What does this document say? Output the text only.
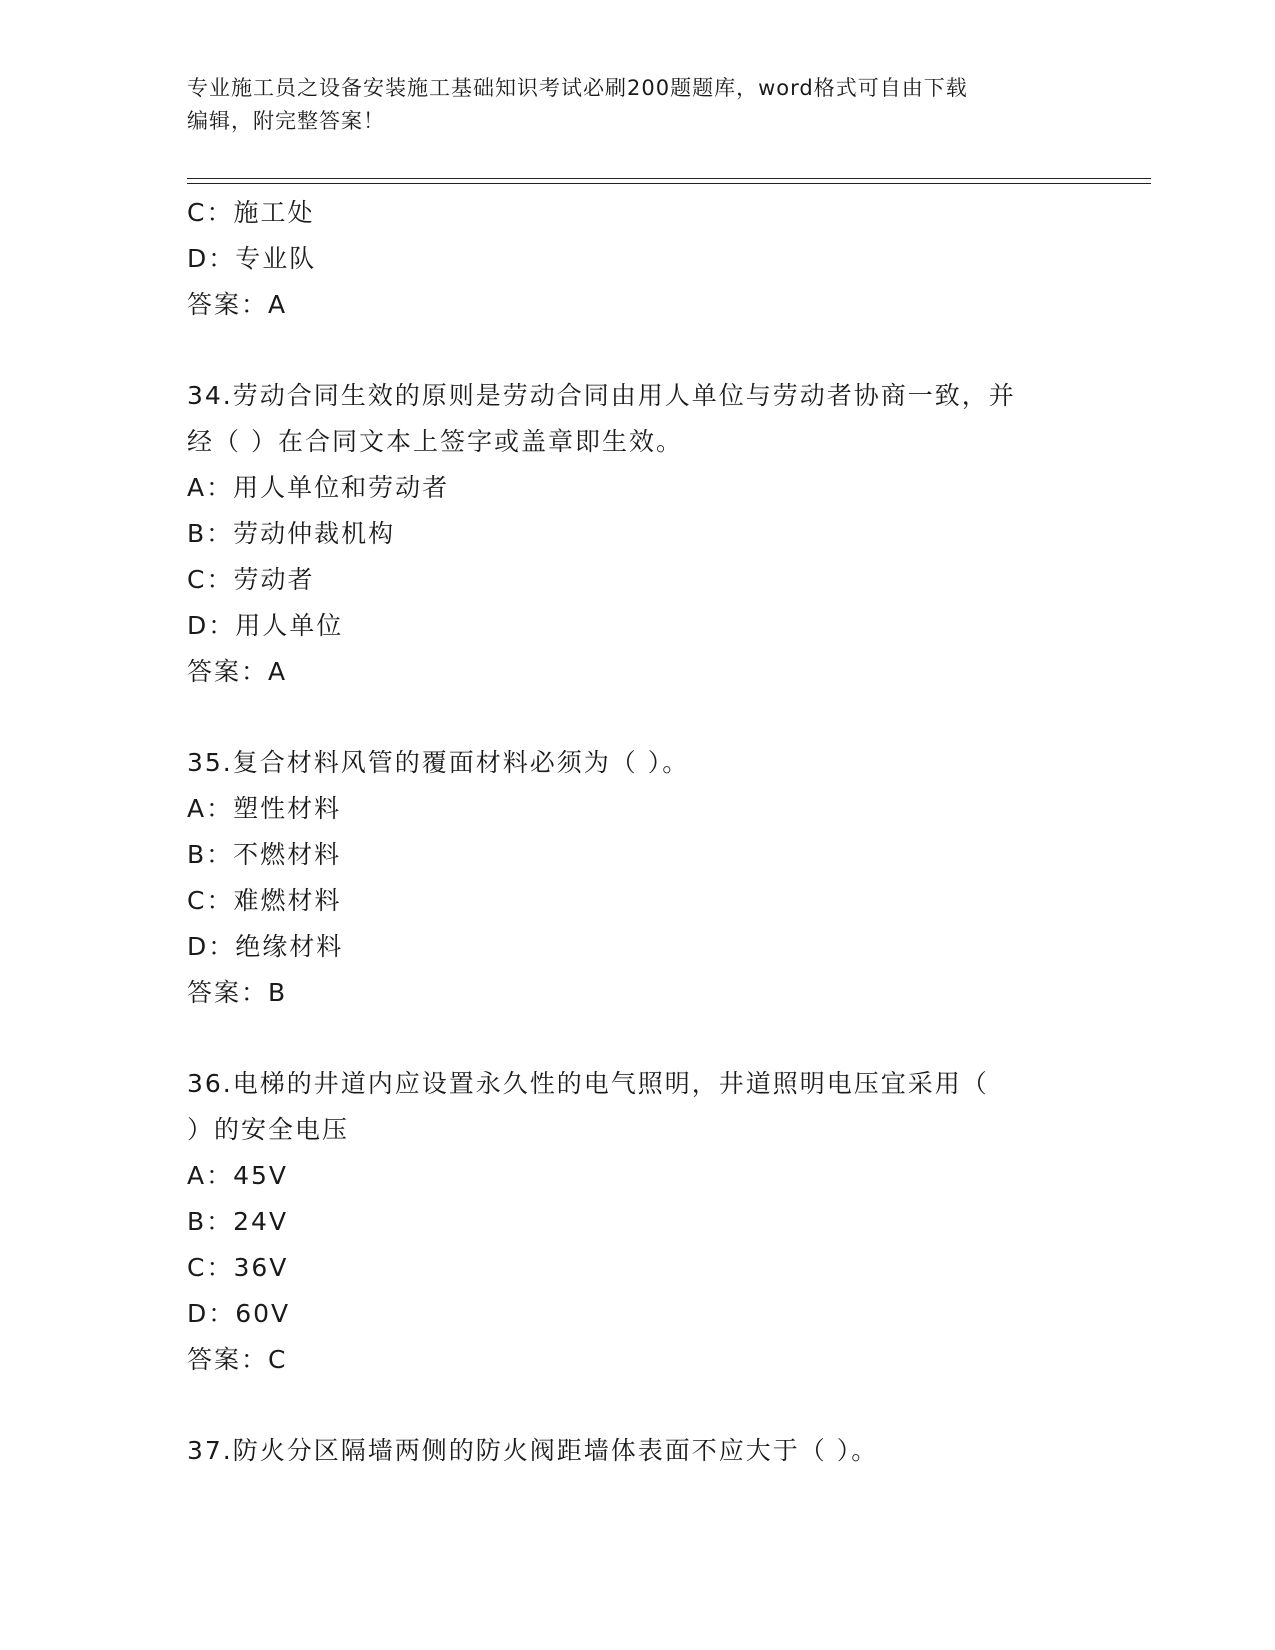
专业施工员之设备安装施工基础知识考试必刷200题题库，word格式可自由下载
编辑，附完整答案！
C：施工处
D：专业队
答案：A
34.劳动合同生效的原则是劳动合同由用人单位与劳动者协商一致，并
经（ ）在合同文本上签字或盖章即生效。
A：用人单位和劳动者
B：劳动仲裁机构
C：劳动者
D：用人单位
答案：A
35.复合材料风管的覆面材料必须为（ ）。
A：塑性材料
B：不燃材料
C：难燃材料
D：绝缘材料
答案：B
36.电梯的井道内应设置永久性的电气照明，井道照明电压宜采用（
）的安全电压
A：45V
B：24V
C：36V
D：60V
答案：C
37.防火分区隔墙两侧的防火阀距墙体表面不应大于（ ）。
